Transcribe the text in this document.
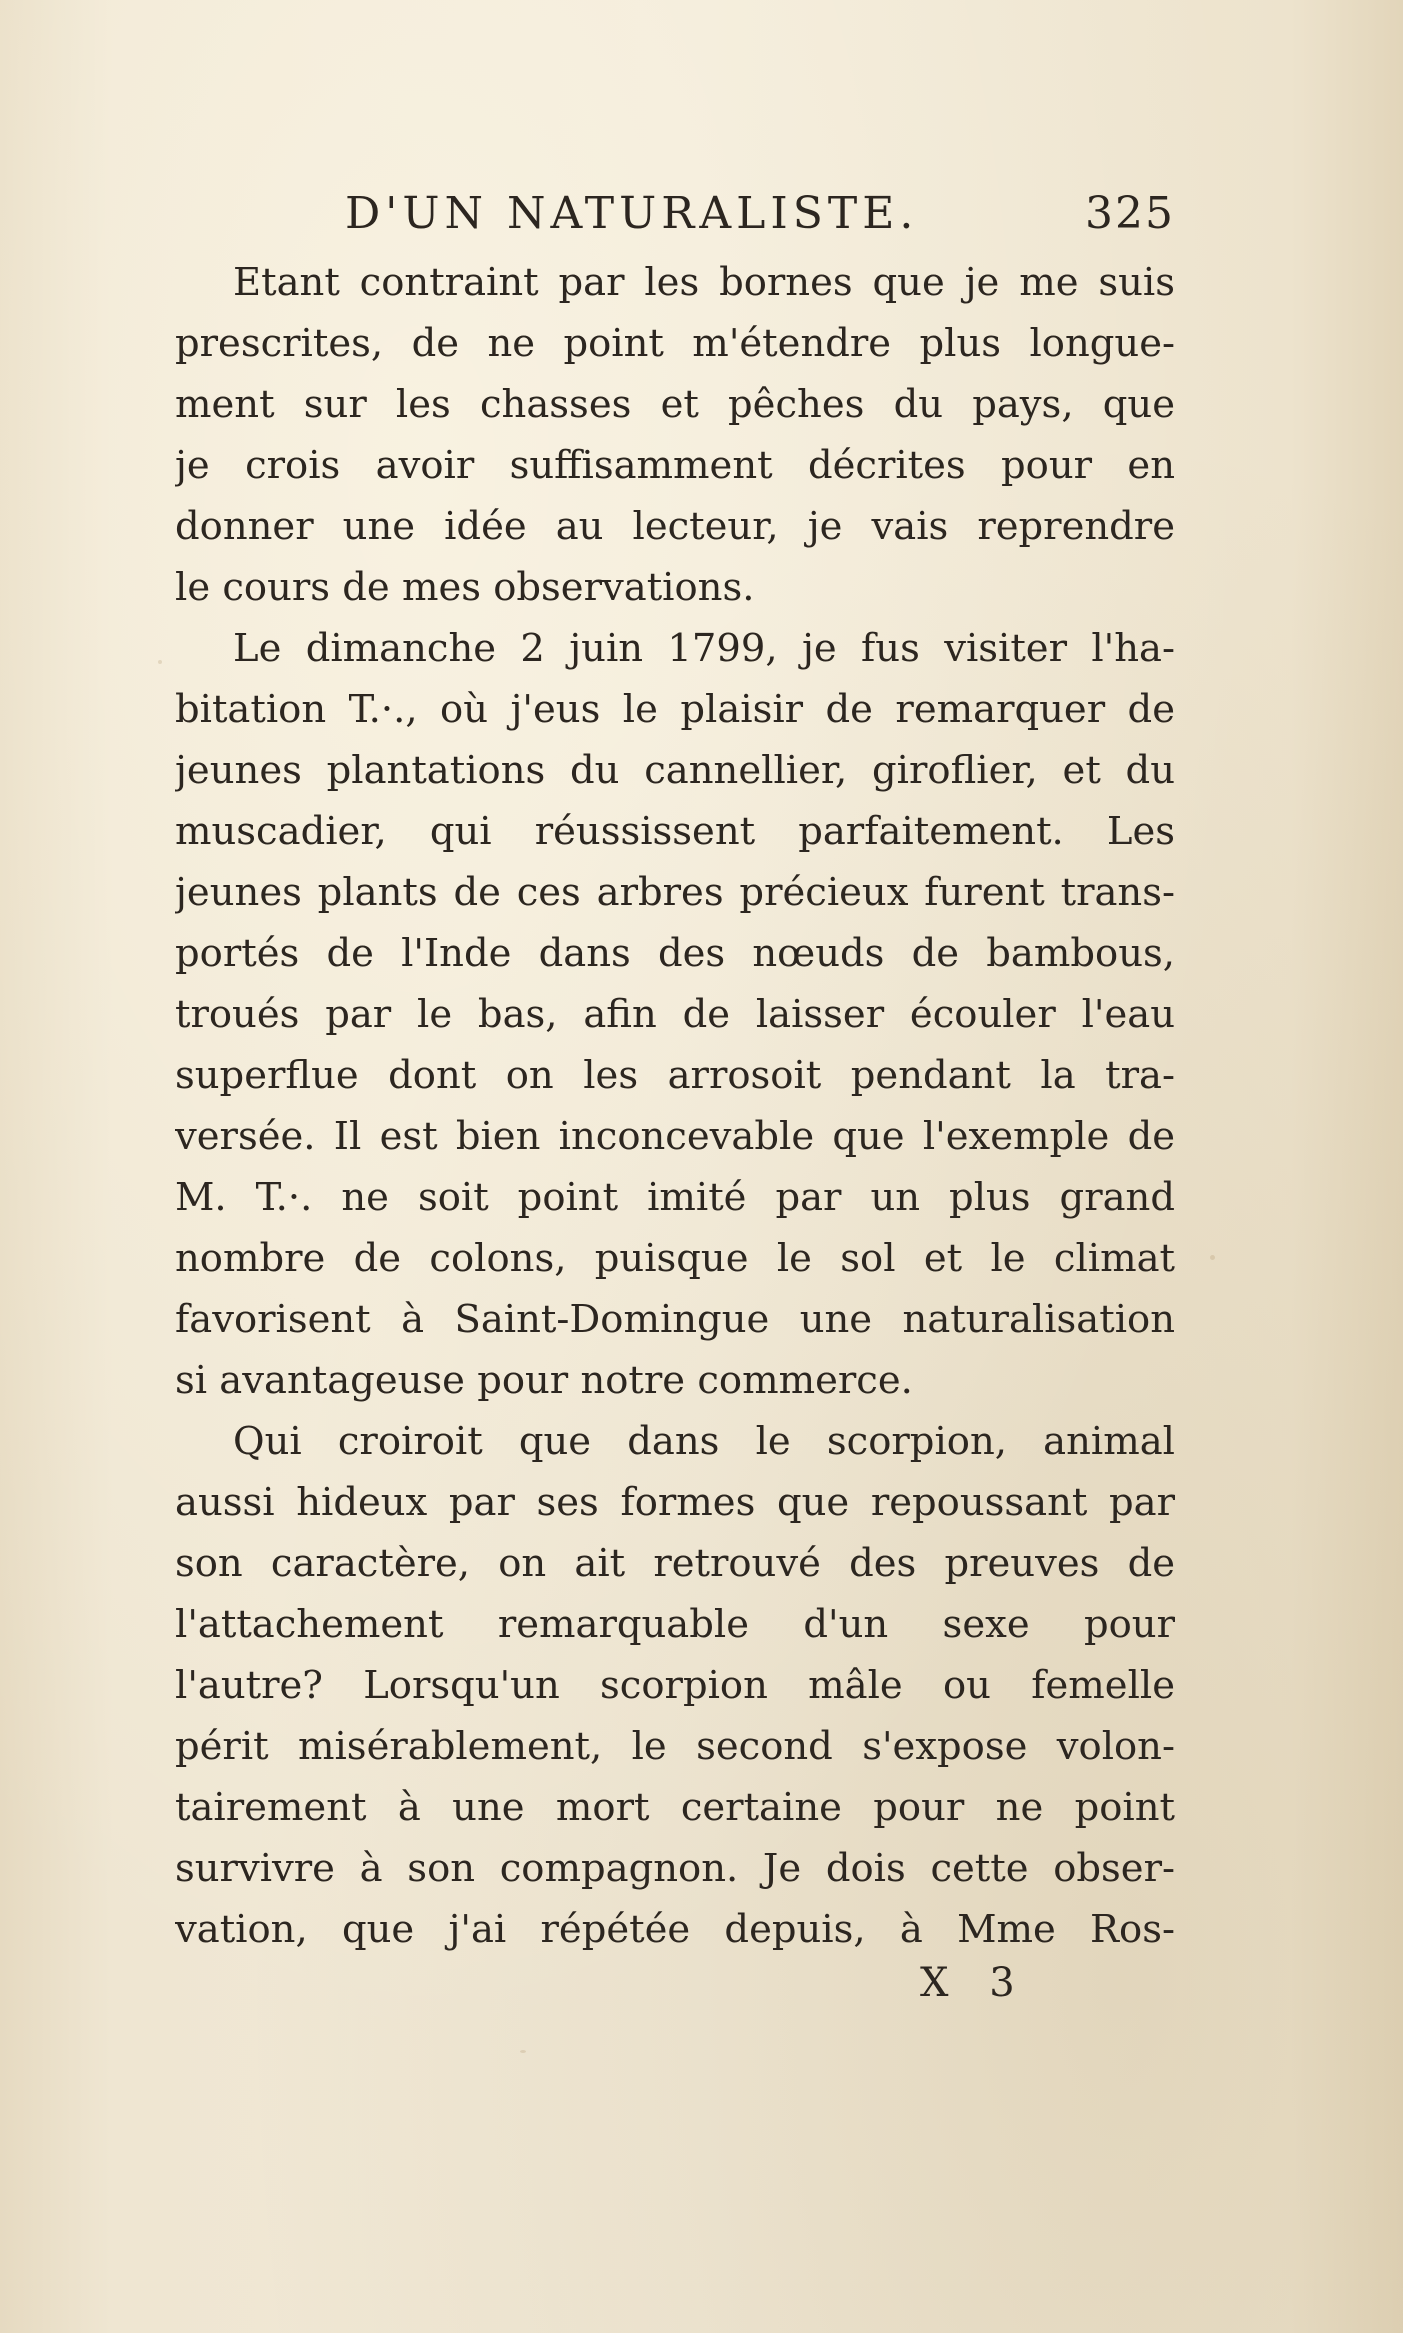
D'UN NATURALISTE.	325
Etant contraint par les bornes que je me suis
prescrites, de ne point m'étendre plus longue-
ment sur les chasses et pêches du pays, que
je crois avoir suffisamment décrites pour en
donner une idée au lecteur, je vais reprendre
le cours de mes observations.
Le dimanche 2 juin 1799, je fus visiter l'ha-
bitation T.·., où j'eus le plaisir de remarquer de
jeunes plantations du cannellier, giroflier, et du
muscadier, qui réussissent parfaitement. Les
jeunes plants de ces arbres précieux furent trans-
portés de l'Inde dans des nœuds de bambous,
troués par le bas, afin de laisser écouler l'eau
superflue dont on les arrosoit pendant la tra-
versée. Il est bien inconcevable que l'exemple de
M. T.·. ne soit point imité par un plus grand
nombre de colons, puisque le sol et le climat
favorisent à Saint-Domingue une naturalisation
si avantageuse pour notre commerce.
Qui croiroit que dans le scorpion, animal
aussi hideux par ses formes que repoussant par
son caractère, on ait retrouvé des preuves de
l'attachement remarquable d'un sexe pour
l'autre? Lorsqu'un scorpion mâle ou femelle
périt misérablement, le second s'expose volon-
tairement à une mort certaine pour ne point
survivre à son compagnon. Je dois cette obser-
vation, que j'ai répétée depuis, à Mme Ros-
X 3
